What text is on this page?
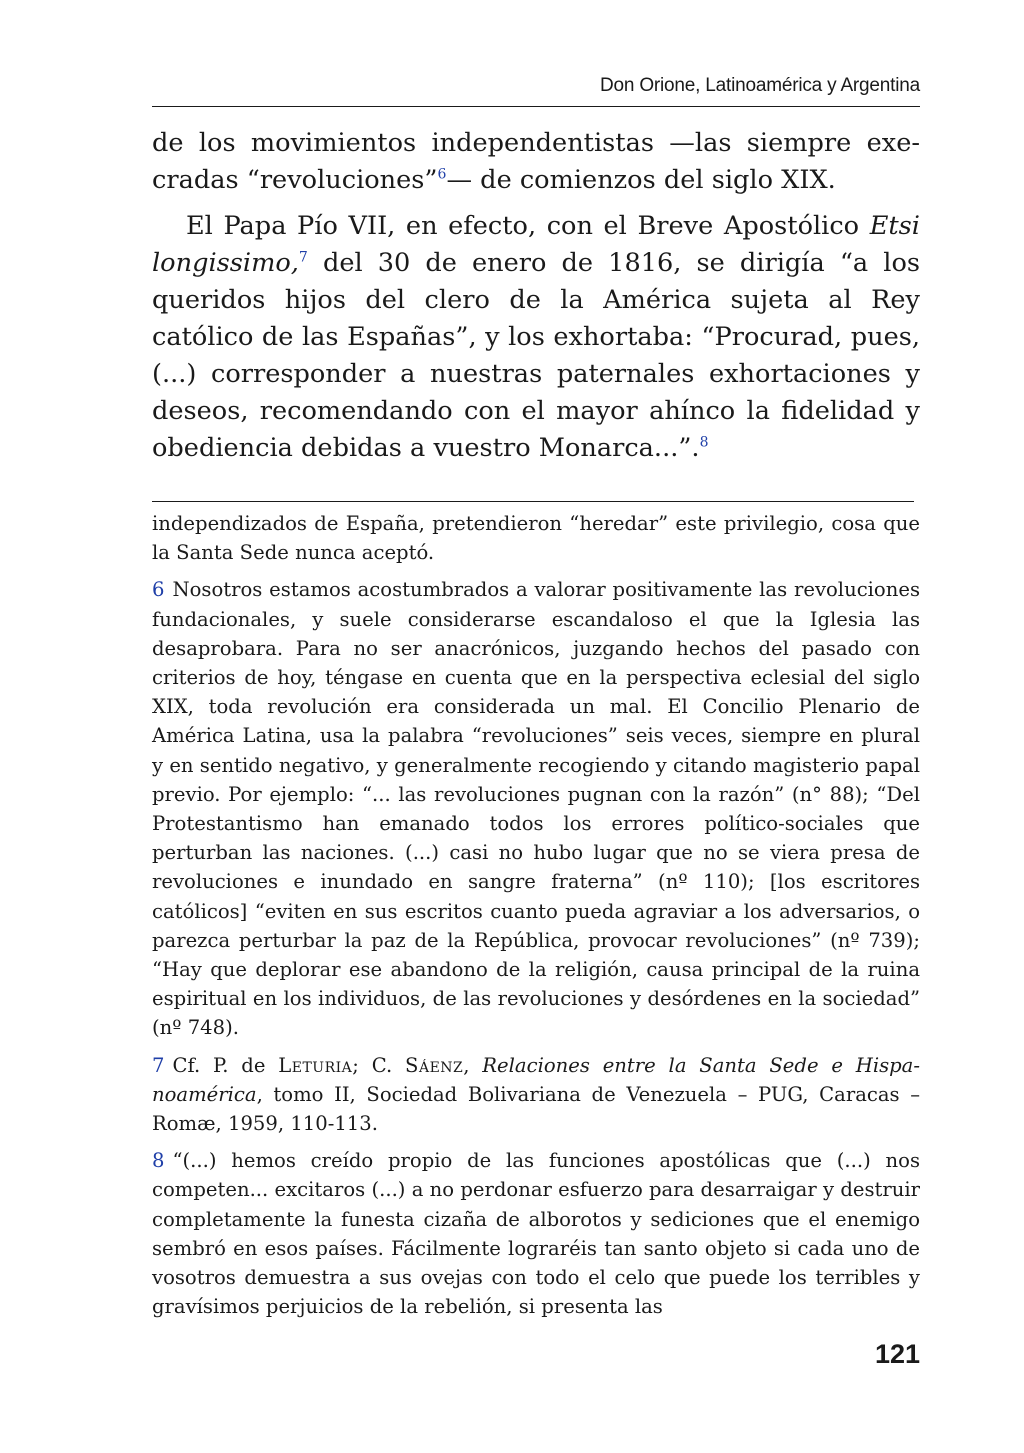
Don Orione, Latinoamérica y Argentina

de los movimientos independentistas —las siempre execradas “revoluciones”$^6$— de comienzos del siglo XIX.

El Papa Pío VII, en efecto, con el Breve Apostólico Etsi longissimo,$^7$ del 30 de enero de 1816, se dirigía “a los queridos hijos del clero de la América sujeta al Rey católico de las Españas”, y los exhortaba: “Procurad, pues, (...) corresponder a nuestras paternales exhortaciones y deseos, recomendando con el mayor ahínco la fidelidad y obediencia debidas a vuestro Monarca...”.$^8$

independizados de España, pretendieron “heredar” este privilegio, cosa que la Santa Sede nunca aceptó.

6 Nosotros estamos acostumbrados a valorar positivamente las revoluciones fundacionales, y suele considerarse escandaloso el que la Iglesia las desaprobara. Para no ser anacrónicos, juzgando hechos del pasado con criterios de hoy, téngase en cuenta que en la perspectiva eclesial del siglo XIX, toda revolución era considerada un mal. El Concilio Plenario de América Latina, usa la palabra “revoluciones” seis veces, siempre en plural y en sentido negativo, y generalmente recogiendo y citando magisterio papal previo. Por ejemplo: “... las revoluciones pugnan con la razón” (n° 88); “Del Protestantismo han emanado todos los errores político-sociales que perturban las naciones. (...) casi no hubo lugar que no se viera presa de revoluciones e inundado en sangre fraterna” (nº 110); [los escritores católicos] “eviten en sus escritos cuanto pueda agraviar a los adversarios, o parezca perturbar la paz de la República, provocar revoluciones” (nº 739); “Hay que deplorar ese abandono de la religión, causa principal de la ruina espiritual en los individuos, de las revoluciones y desórdenes en la sociedad” (nº 748).

7 Cf. P. de Leturia; C. Sáenz, Relaciones entre la Santa Sede e Hispanoamérica, tomo II, Sociedad Bolivariana de Venezuela – PUG, Caracas – Romæ, 1959, 110-113.

8 “(...) hemos creído propio de las funciones apostólicas que (...) nos competen... excitaros (...) a no perdonar esfuerzo para desarraigar y destruir completamente la funesta cizaña de alborotos y sediciones que el enemigo sembró en esos países. Fácilmente lograréis tan santo objeto si cada uno de vosotros demuestra a sus ovejas con todo el celo que puede los terribles y gravísimos perjuicios de la rebelión, si presenta las

121
